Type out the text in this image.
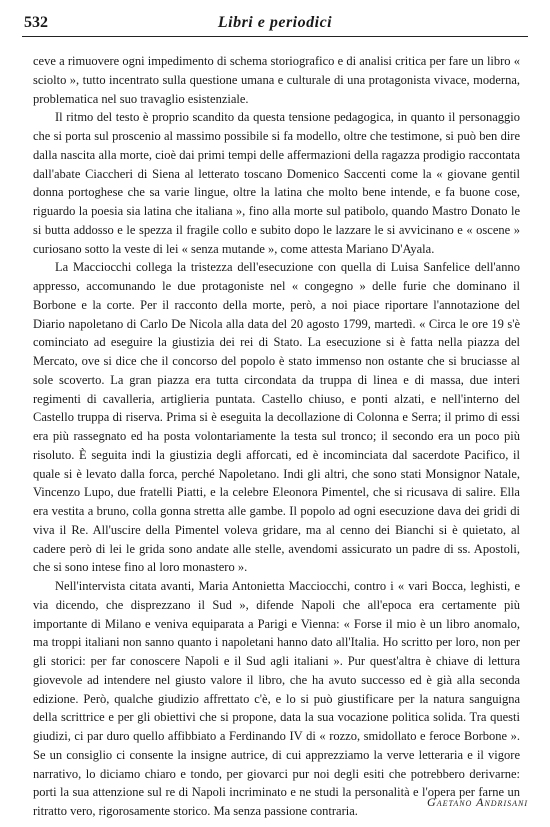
532	Libri e periodici

ceve a rimuovere ogni impedimento di schema storiografico e di analisi critica per fare un libro « sciolto », tutto incentrato sulla questione umana e culturale di una protagonista vivace, moderna, problematica nel suo travaglio esistenziale.

Il ritmo del testo è proprio scandito da questa tensione pedagogica, in quanto il personaggio che si porta sul proscenio al massimo possibile si fa modello, oltre che testimone, si può ben dire dalla nascita alla morte, cioè dai primi tempi delle affermazioni della ragazza prodigio raccontata dall'abate Ciaccheri di Siena al letterato toscano Domenico Saccenti come la « giovane gentil donna portoghese che sa varie lingue, oltre la latina che molto bene intende, e fa buone cose, riguardo la poesia sia latina che italiana », fino alla morte sul patibolo, quando Mastro Donato le si butta addosso e le spezza il fragile collo e subito dopo le lazzare le si avvicinano e « oscene » curiosano sotto la veste di lei « senza mutande », come attesta Mariano D'Ayala.

La Macciocchi collega la tristezza dell'esecuzione con quella di Luisa Sanfelice dell'anno appresso, accomunando le due protagoniste nel « congegno » delle furie che dominano il Borbone e la corte. Per il racconto della morte, però, a noi piace riportare l'annotazione del Diario napoletano di Carlo De Nicola alla data del 20 agosto 1799, martedì. « Circa le ore 19 s'è cominciato ad eseguire la giustizia dei rei di Stato. La esecuzione si è fatta nella piazza del Mercato, ove si dice che il concorso del popolo è stato immenso non ostante che si bruciasse al sole scoverto. La gran piazza era tutta circondata da truppa di linea e di massa, due interi regimenti di cavalleria, artiglieria puntata. Castello chiuso, e ponti alzati, e nell'interno del Castello truppa di riserva. Prima si è eseguita la decollazione di Colonna e Serra; il primo di essi era più rassegnato ed ha posta volontariamente la testa sul tronco; il secondo era un poco più risoluto. È seguita indi la giustizia degli afforcati, ed è incominciata dal sacerdote Pacifico, il quale si è levato dalla forca, perché Napoletano. Indi gli altri, che sono stati Monsignor Natale, Vincenzo Lupo, due fratelli Piatti, e la celebre Eleonora Pimentel, che si ricusava di salire. Ella era vestita a bruno, colla gonna stretta alle gambe. Il popolo ad ogni esecuzione dava dei gridi di viva il Re. All'uscire della Pimentel voleva gridare, ma al cenno dei Bianchi si è quietato, al cadere però di lei le grida sono andate alle stelle, avendomi assicurato un padre di ss. Apostoli, che si sono intese fino al loro monastero ».

Nell'intervista citata avanti, Maria Antonietta Macciocchi, contro i « vari Bocca, leghisti, e via dicendo, che disprezzano il Sud », difende Napoli che all'epoca era certamente più importante di Milano e veniva equiparata a Parigi e Vienna: « Forse il mio è un libro anomalo, ma troppi italiani non sanno quanto i napoletani hanno dato all'Italia. Ho scritto per loro, non per gli storici: per far conoscere Napoli e il Sud agli italiani ». Pur quest'altra è chiave di lettura giovevole ad intendere nel giusto valore il libro, che ha avuto successo ed è già alla seconda edizione. Però, qualche giudizio affrettato c'è, e lo si può giustificare per la natura sanguigna della scrittrice e per gli obiettivi che si propone, data la sua vocazione politica solida. Tra questi giudizi, ci par duro quello affibbiato a Ferdinando IV di « rozzo, smidollato e feroce Borbone ». Se un consiglio ci consente la insigne autrice, di cui apprezziamo la verve letteraria e il vigore narrativo, lo diciamo chiaro e tondo, per giovarci pur noi degli esiti che potrebbero derivarne: porti la sua attenzione sul re di Napoli incriminato e ne studi la personalità e l'opera per farne un ritratto vero, rigorosamente storico. Ma senza passione contraria.

Gaetano Andrisani
